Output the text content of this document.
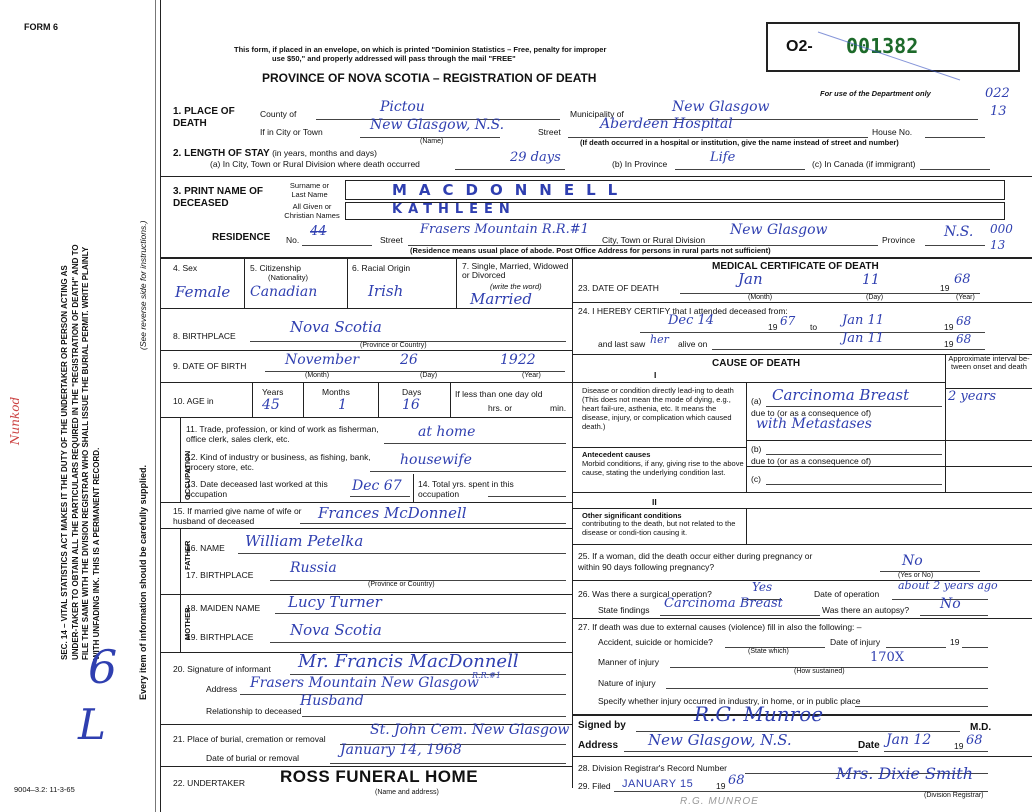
FORM 6
This form, if placed in an envelope, on which is printed "Dominion Statistics – Free, penalty for improper
use $50," and properly addressed will pass through the mail "FREE"
PROVINCE OF NOVA SCOTIA – REGISTRATION OF DEATH
O2- 001382
For use of the Department only	022
13
SEC. 14 – VITAL STATISTICS ACT MAKES IT THE DUTY OF THE UNDERTAKER OR PERSON ACTING AS UNDER-TAKER TO OBTAIN ALL THE PARTICULARS REQUIRED IN THE "REGISTRATION OF DEATH" AND TO FILE THE SAME WITH THE DIVISION REGISTRAR WHO SHALL ISSUE THE BURIAL PERMIT. WRITE PLAINLY WITH UNFADING INK. THIS IS A PERMANENT RECORD.	Every item of information should be carefully supplied.
(See reverse side for instructions.)
Nunkod
6
L
1. PLACE OF DEATH
County of	Pictou	Municipality of	New Glasgow
If in City or Town	New Glasgow, N.S.
(Name)
Street	Aberdeen Hospital	House No.
(If death occurred in a hospital or institution, give the name instead of street and number)
2. LENGTH OF STAY (in years, months and days)
(a) In City, Town or Rural Division where death occurred	29 days	(b) In Province	Life	(c) In Canada (if immigrant)
3. PRINT NAME OF DECEASED
Surname or Last Name
All Given or Christian Names
MACDONNELL
KATHLEEN
RESIDENCE No.
44
Street
Frasers Mountain R.R.#1
City, Town or Rural Division
New Glasgow
Province N.S. 000
13
(Residence means usual place of abode. Post Office Address for persons in rural parts not sufficient)
4. Sex
Female
5. Citizenship
(Nationality)
Canadian
6. Racial Origin
Irish
7. Single, Married, Widowed or Divorced
(write the word)
Married
8. BIRTHPLACE	Nova Scotia
(Province or Country)
9. DATE OF BIRTH	November	26	1922
(Month)	(Day)	(Year)
10. AGE in
Years
45
Months
1
Days
16
If less than one day old
hrs. or	min.
OCCUPATION
11. Trade, profession, or kind of work as fisherman, office clerk, sales clerk, etc.	at home
12. Kind of industry or business, as fishing, bank, grocery store, etc.	housewife
13. Date deceased last worked at this occupation	Dec 67 14. Total yrs. spent in this occupation
15. If married give name of wife or husband of deceased	Frances McDonnell
FATHER
16. NAME William Petelka
17. BIRTHPLACE	Russia
(Province or Country)
MOTHER
18. MAIDEN NAME Lucy Turner
19. BIRTHPLACE Nova Scotia
20. Signature of informant Mr. Francis MacDonnell
R.R.#1
Address Frasers Mountain New Glasgow
Relationship to deceased
Husband
21. Place of burial, cremation or removal
St. John Cem. New Glasgow
Date of burial or removal	January 14, 1968
22. UNDERTAKER ROSS FUNERAL HOME
(Name and address)
9004–3.2: 11-3-65
R.G. MUNROE
MEDICAL CERTIFICATE OF DEATH
23. DATE OF DEATH	Jan	11	19
68
(Month)	(Day)	(Year)
24. I HEREBY CERTIFY that I attended deceased from:
Dec 14	19 67 to Jan 11	19 68
and last saw her alive on	Jan 11	19 68
CAUSE OF DEATH	Approximate interval be-tween onset and death
I
Disease or condition directly lead-ing to death (This does not mean the mode of dying, e.g., heart fail-ure, asthenia, etc. It means the disease, injury, or complication which caused death.)
(a) Carcinoma Breast	2 years
due to (or as a consequence of)
with Metastases
(b)
due to (or as a consequence of)
(c)
Antecedent causes
Morbid conditions, if any, giving rise to the above cause, stating the underlying condition last.
II
Other significant conditions
contributing to the death, but not related to the disease or condi-tion causing it.
25. If a woman, did the death occur either during pregnancy or within 90 days following pregnancy?	No
(Yes or No)
26. Was there a surgical operation?	Yes	Date of operation
about 2 years ago
State findings Carcinoma Breast	Was there an autopsy? No
27. If death was due to external causes (violence) fill in also the following: –
Accident, suicide or homicide?	Date of injury	19
(State which)
Manner of injury	170X
(How sustained)
Nature of injury
Specify whether injury occurred in industry, in home, or in public place
Signed by	R.G. Munroe
M.D.
Address New Glasgow, N.S.	Date Jan 12	19 68
28. Division Registrar's Record Number
29. Filed JANUARY 15	19 68	Mrs. Dixie Smith
(Division Registrar)
